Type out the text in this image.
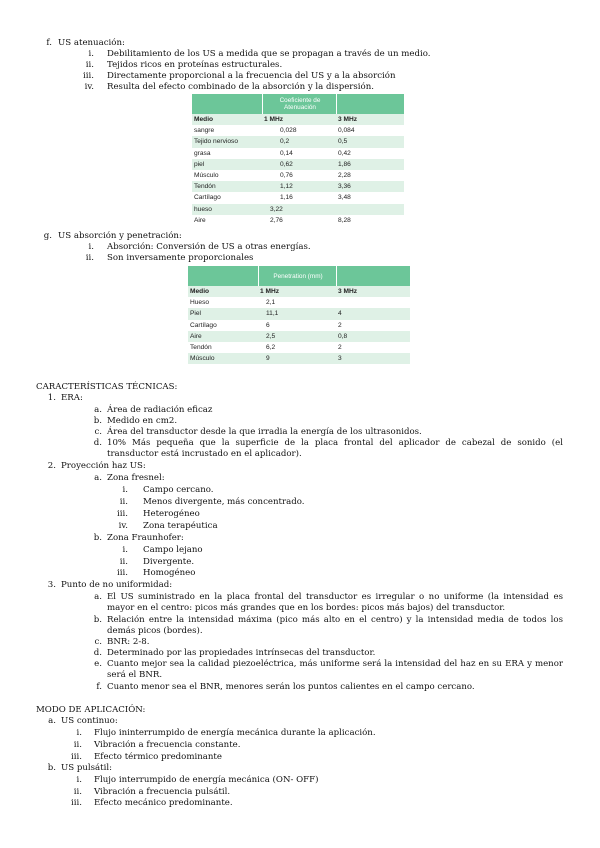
f. US atenuación:
i. Debilitamiento de los US a medida que se propagan a través de un medio.
ii. Tejidos ricos en proteínas estructurales.
iii. Directamente proporcional a la frecuencia del US y a la absorción
iv. Resulta del efecto combinado de la absorción y la dispersión.
	Coeficiente de Atenuación	
Medio	1 MHz	3 MHz
sangre	0,028	0,084
Tejido nervioso	0,2	0,5
grasa	0,14	0,42
piel	0,62	1,86
Músculo	0,76	2,28
Tendón	1,12	3,36
Cartílago	1,16	3,48
hueso	3,22	
Aire	2,76	8,28
g. US absorción y penetración:
i. Absorción: Conversión de US a otras energías.
ii. Son inversamente proporcionales
	Penetration (mm)	
Medio	1 MHz	3 MHz
Hueso	2,1	
Piel	11,1	4
Cartílago	6	2
Aire	2,5	0,8
Tendón	6,2	2
Músculo	9	3
CARACTERÍSTICAS TÉCNICAS:
1. ERA:
a. Área de radiación eficaz
b. Medido en cm2.
c. Área del transductor desde la que irradia la energía de los ultrasonidos.
d. 10% Más pequeña que la superficie de la placa frontal del aplicador de cabezal de sonido (el transductor está incrustado en el aplicador).
2. Proyección haz US:
a. Zona fresnel:
i. Campo cercano.
ii. Menos divergente, más concentrado.
iii. Heterogéneo
iv. Zona terapéutica
b. Zona Fraunhofer:
i. Campo lejano
ii. Divergente.
iii. Homogéneo
3. Punto de no uniformidad:
a. El US suministrado en la placa frontal del transductor es irregular o no uniforme (la intensidad es mayor en el centro: picos más grandes que en los bordes: picos más bajos) del transductor.
b. Relación entre la intensidad máxima (pico más alto en el centro) y la intensidad media de todos los demás picos (bordes).
c. BNR: 2-8.
d. Determinado por las propiedades intrínsecas del transductor.
e. Cuanto mejor sea la calidad piezoeléctrica, más uniforme será la intensidad del haz en su ERA y menor será el BNR.
f. Cuanto menor sea el BNR, menores serán los puntos calientes en el campo cercano.
MODO DE APLICACIÓN:
a. US continuo:
i. Flujo ininterrumpido de energía mecánica durante la aplicación.
ii. Vibración a frecuencia constante.
iii. Efecto térmico predominante
b. US pulsátil:
i. Flujo interrumpido de energía mecánica (ON- OFF)
ii. Vibración a frecuencia pulsátil.
iii. Efecto mecánico predominante.
